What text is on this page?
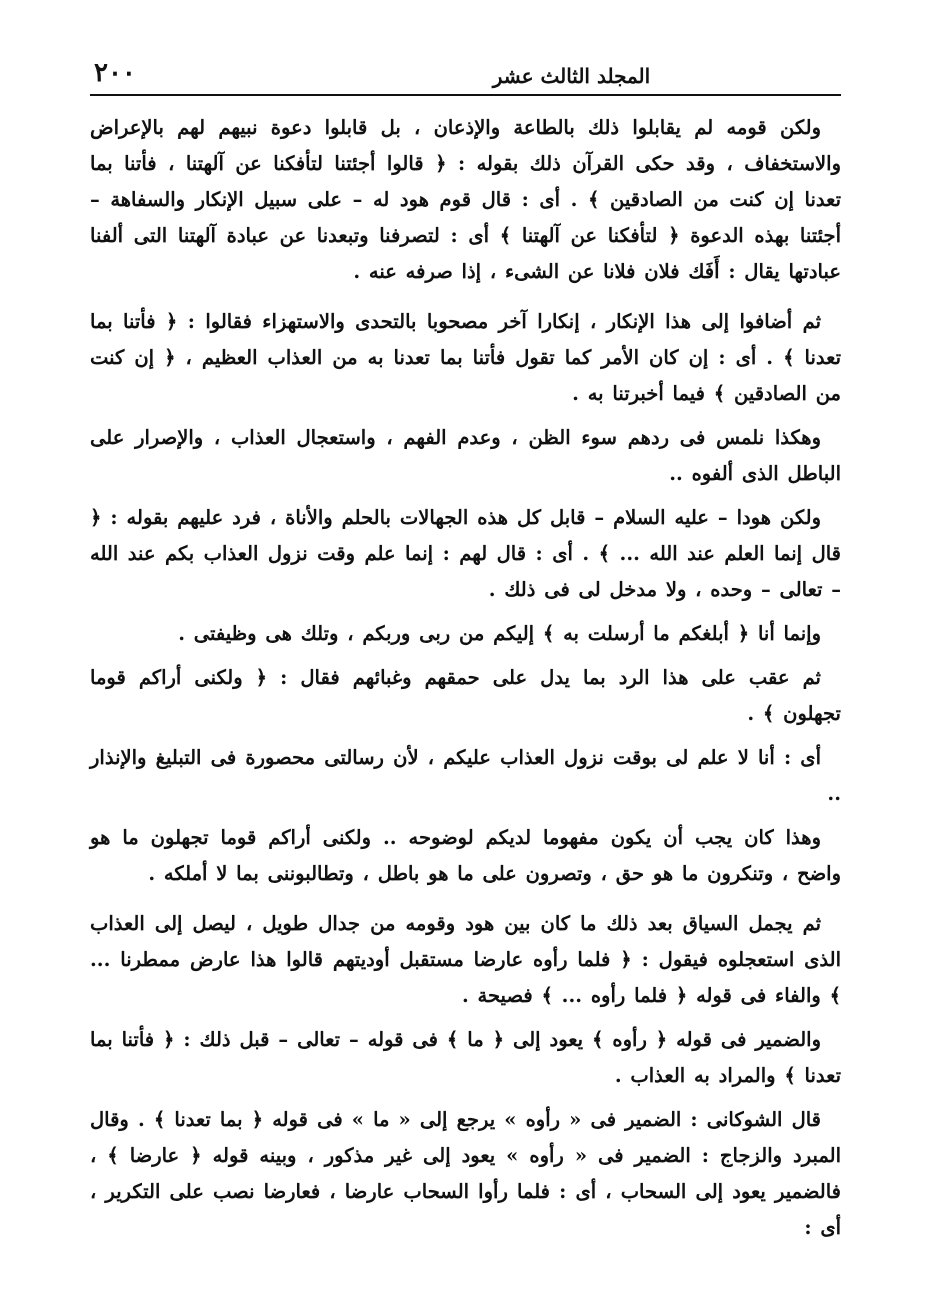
٢٠٠	المجلد الثالث عشر

ولكن قومه لم يقابلوا ذلك بالطاعة والإذعان ، بل قابلوا دعوة نبيهم لهم بالإعراض والاستخفاف ، وقد حكى القرآن ذلك بقوله : ﴿ قالوا أجئتنا لتأفكنا عن آلهتنا ، فأتنا بما تعدنا إن كنت من الصادقين ﴾ . أى : قال قوم هود له – على سبيل الإنكار والسفاهة – أجئتنا بهذه الدعوة ﴿ لتأفكنا عن آلهتنا ﴾ أى : لتصرفنا وتبعدنا عن عبادة آلهتنا التى ألفنا عبادتها يقال : أَفَك فلان فلانا عن الشىء ، إذا صرفه عنه .

ثم أضافوا إلى هذا الإنكار ، إنكارا آخر مصحوبا بالتحدى والاستهزاء فقالوا : ﴿ فأتنا بما تعدنا ﴾ . أى : إن كان الأمر كما تقول فأتنا بما تعدنا به من العذاب العظيم ، ﴿ إن كنت من الصادقين ﴾ فيما أخبرتنا به .

وهكذا نلمس فى ردهم سوء الظن ، وعدم الفهم ، واستعجال العذاب ، والإصرار على الباطل الذى ألفوه ..

ولكن هودا – عليه السلام – قابل كل هذه الجهالات بالحلم والأناة ، فرد عليهم بقوله : ﴿ قال إنما العلم عند الله ... ﴾ . أى : قال لهم : إنما علم وقت نزول العذاب بكم عند الله – تعالى – وحده ، ولا مدخل لى فى ذلك .

وإنما أنا ﴿ أبلغكم ما أرسلت به ﴾ إليكم من ربى وربكم ، وتلك هى وظيفتى .

ثم عقب على هذا الرد بما يدل على حمقهم وغبائهم فقال : ﴿ ولكنى أراكم قوما تجهلون ﴾ .

أى : أنا لا علم لى بوقت نزول العذاب عليكم ، لأن رسالتى محصورة فى التبليغ والإنذار ..

وهذا كان يجب أن يكون مفهوما لديكم لوضوحه .. ولكنى أراكم قوما تجهلون ما هو واضح ، وتنكرون ما هو حق ، وتصرون على ما هو باطل ، وتطالبوننى بما لا أملكه .

ثم يجمل السياق بعد ذلك ما كان بين هود وقومه من جدال طويل ، ليصل إلى العذاب الذى استعجلوه فيقول : ﴿ فلما رأوه عارضا مستقبل أوديتهم قالوا هذا عارض ممطرنا ... ﴾ والفاء فى قوله ﴿ فلما رأوه ... ﴾ فصيحة .

والضمير فى قوله ﴿ رأوه ﴾ يعود إلى ﴿ ما ﴾ فى قوله – تعالى – قبل ذلك : ﴿ فأتنا بما تعدنا ﴾ والمراد به العذاب .

قال الشوكانى : الضمير فى « رأوه » يرجع إلى « ما » فى قوله ﴿ بما تعدنا ﴾ . وقال المبرد والزجاج : الضمير فى « رأوه » يعود إلى غير مذكور ، وبينه قوله ﴿ عارضا ﴾ ، فالضمير يعود إلى السحاب ، أى : فلما رأوا السحاب عارضا ، فعارضا نصب على التكرير ، أى :
